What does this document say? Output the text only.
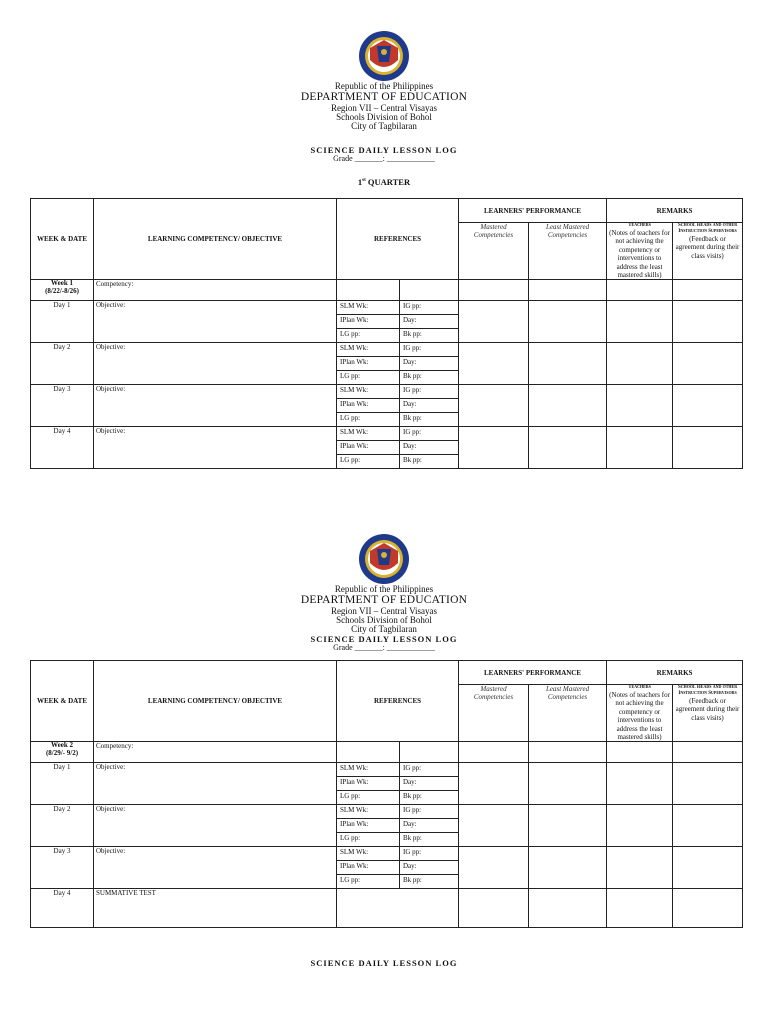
Republic of the Philippines
DEPARTMENT OF EDUCATION
Region VII – Central Visayas
Schools Division of Bohol
City of Tagbilaran
SCIENCE DAILY LESSON LOG
Grade _______: ____________
1st QUARTER
WEEK & DATE	LEARNING COMPETENCY/ OBJECTIVE	REFERENCES		LEARNERS' PERFORMANCE		REMARKS	
				Mastered Competencies	Least Mastered Competencies	Teachers
(Notes of teachers for not achieving the competency or interventions to address the least mastered skills)	School Heads and other Instruction Supervisors
(Feedback or agreement during their class visits)

Week 1
(8/22/-8/26)	Competency:						
Day 1	Objective:	SLM Wk:	IG pp:				
		IPlan Wk:	Day:				
		LG pp:	Bk pp:				
Day 2	Objective:	SLM Wk:	IG pp:				
		IPlan Wk:	Day:				
		LG pp:	Bk pp:				
Day 3	Objective:	SLM Wk:	IG pp:				
		IPlan Wk:	Day:				
		LG pp:	Bk pp:				
Day 4	Objective:	SLM Wk:	IG pp:				
		IPlan Wk:	Day:				
		LG pp:	Bk pp:				
Republic of the Philippines
DEPARTMENT OF EDUCATION
Region VII – Central Visayas
Schools Division of Bohol
City of Tagbilaran
SCIENCE DAILY LESSON LOG
Grade _______: ____________
WEEK & DATE	LEARNING COMPETENCY/ OBJECTIVE	REFERENCES		LEARNERS' PERFORMANCE		REMARKS	
				Mastered Competencies	Least Mastered Competencies	Teachers
(Notes of teachers for not achieving the competency or interventions to address the least mastered skills)	School Heads and other Instruction Supervisors
(Feedback or agreement during their class visits)

Week 2
(8/29/- 9/2)	Competency:						
Day 1	Objective:	SLM Wk:	IG pp:				
		IPlan Wk:	Day:				
		LG pp:	Bk pp:				
Day 2	Objective:	SLM Wk:	IG pp:				
		IPlan Wk:	Day:				
		LG pp:	Bk pp:				
Day 3	Objective:	SLM Wk:	IG pp:				
		IPlan Wk:	Day:				
		LG pp:	Bk pp:				
Day 4	SUMMATIVE TEST						
SCIENCE DAILY LESSON LOG
